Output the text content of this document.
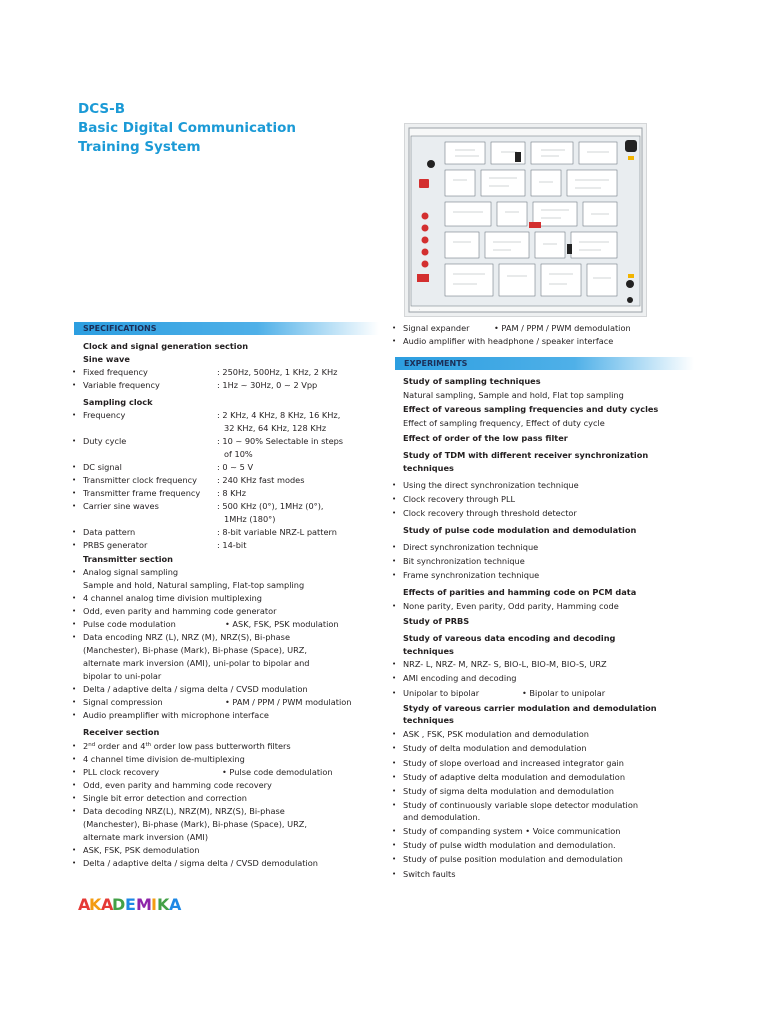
DCS-B
Basic Digital Communication
Training System
.
SPECIFICATIONS
Clock and signal generation section
Sine wave
• Fixed frequency	: 250Hz, 500Hz, 1 KHz, 2 KHz
• Variable frequency	: 1Hz ~ 30Hz, 0 ~ 2 Vpp
Sampling clock
• Frequency	: 2 KHz, 4 KHz, 8 KHz, 16 KHz,
32 KHz, 64 KHz, 128 KHz
• Duty cycle	: 10 ~ 90% Selectable in steps
of 10%
• DC signal	: 0 ~ 5 V
• Transmitter clock frequency : 240 KHz fast modes
• Transmitter frame frequency : 8 KHz
• Carrier sine waves	: 500 KHz (0°), 1MHz (0°),
1MHz (180°)
• Data pattern	: 8-bit variable NRZ-L pattern
• PRBS generator	: 14-bit
Transmitter section
• Analog signal sampling
Sample and hold, Natural sampling, Flat-top sampling
• 4 channel analog time division multiplexing
• Odd, even parity and hamming code generator
• Pulse code modulation	• ASK, FSK, PSK modulation
• Data encoding NRZ (L), NRZ (M), NRZ(S), Bi-phase
(Manchester), Bi-phase (Mark), Bi-phase (Space), URZ,
alternate mark inversion (AMI), uni-polar to bipolar and
bipolar to uni-polar
• Delta / adaptive delta / sigma delta / CVSD modulation
• Signal compression	• PAM / PPM / PWM modulation
• Audio preamplifier with microphone interface
Receiver section
• 2nd order and 4th order low pass butterworth filters
• 4 channel time division de-multiplexing
• PLL clock recovery	• Pulse code demodulation
• Odd, even parity and hamming code recovery
• Single bit error detection and correction
• Data decoding NRZ(L), NRZ(M), NRZ(S), Bi-phase
(Manchester), Bi-phase (Mark), Bi-phase (Space), URZ,
alternate mark inversion (AMI)
• ASK, FSK, PSK demodulation
• Delta / adaptive delta / sigma delta / CVSD demodulation
• Signal expander	• PAM / PPM / PWM demodulation
• Audio amplifier with headphone / speaker interface
EXPERIMENTS
Study of sampling techniques
Natural sampling, Sample and hold, Flat top sampling
Effect of vareous sampling frequencies and duty cycles
Effect of sampling frequency, Effect of duty cycle
Effect of order of the low pass filter
Study of TDM with different receiver synchronization
techniques
• Using the direct synchronization technique
• Clock recovery through PLL
• Clock recovery through threshold detector
Study of pulse code modulation and demodulation
• Direct synchronization technique
• Bit synchronization technique
• Frame synchronization technique
Effects of parities and hamming code on PCM data
• None parity, Even parity, Odd parity, Hamming code
Study of PRBS
Study of vareous data encoding and decoding
techniques
• NRZ- L, NRZ- M, NRZ- S, BIO-L, BIO-M, BIO-S, URZ
• AMI encoding and decoding
• Unipolar to bipolar	• Bipolar to unipolar
Stydy of vareous carrier modulation and demodulation
techniques
• ASK , FSK, PSK modulation and demodulation
• Study of delta modulation and demodulation
• Study of slope overload and increased integrator gain
• Study of adaptive delta modulation and demodulation
• Study of sigma delta modulation and demodulation
• Study of continuously variable slope detector modulation
and demodulation.
• Study of companding system • Voice communication
• Study of pulse width modulation and demodulation.
• Study of pulse position modulation and demodulation
• Switch faults
A
K A
D E M I K A
